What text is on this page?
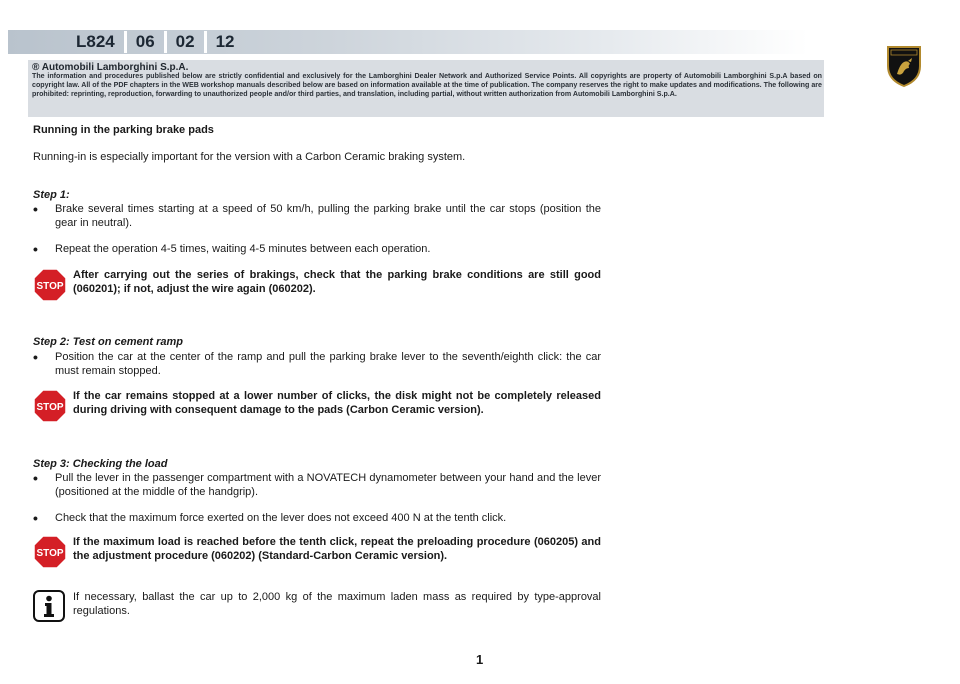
L824	06	02	12
® Automobili Lamborghini S.p.A.
The information and procedures published below are strictly confidential and exclusively for the Lamborghini Dealer Network and Authorized Service Points. All copyrights are property of Automobili Lamborghini S.p.A based on copyright law. All of the PDF chapters in the WEB workshop manuals described below are based on information available at the time of publication. The company reserves the right to make updates and modifications. The following are prohibited: reprinting, reproduction, forwarding to unauthorized people and/or third parties, and translation, including partial, without written authorization from Automobili Lamborghini S.p.A.
Running in the parking brake pads
Running-in is especially important for the version with a Carbon Ceramic braking system.
Step 1:
•	Brake several times starting at a speed of 50 km/h, pulling the parking brake until the car stops (position the gear in neutral).
•	Repeat the operation 4-5 times, waiting 4-5 minutes between each operation.
STOP
After carrying out the series of brakings, check that the parking brake conditions are still good (060201); if not, adjust the wire again (060202).
Step 2: Test on cement ramp
•	Position the car at the center of the ramp and pull the parking brake lever to the seventh/eighth click: the car must remain stopped.
STOP
If the car remains stopped at a lower number of clicks, the disk might not be completely released during driving with consequent damage to the pads (Carbon Ceramic version).
Step 3: Checking the load
•	Pull the lever in the passenger compartment with a NOVATECH dynamometer between your hand and the lever (positioned at the middle of the handgrip).
•	Check that the maximum force exerted on the lever does not exceed 400 N at the tenth click.
STOP
If the maximum load is reached before the tenth click, repeat the preloading procedure (060205) and the adjustment procedure (060202) (Standard-Carbon Ceramic version).
If necessary, ballast the car up to 2,000 kg of the maximum laden mass as required by type-approval regulations.
1
